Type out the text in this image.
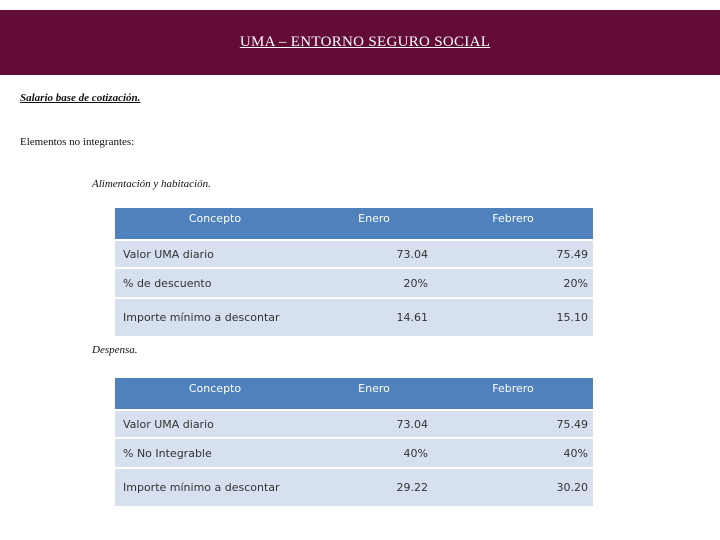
UMA – ENTORNO SEGURO SOCIAL
Salario base de cotización.
Elementos no integrantes:
Alimentación y habitación.
Concepto	Enero	Febrero
Valor UMA diario	73.04	75.49
% de descuento	20%	20%
Importe mínimo a descontar	14.61	15.10
Despensa.
Concepto	Enero	Febrero
Valor UMA diario	73.04	75.49
% No Integrable	40%	40%
Importe mínimo a descontar	29.22	30.20
